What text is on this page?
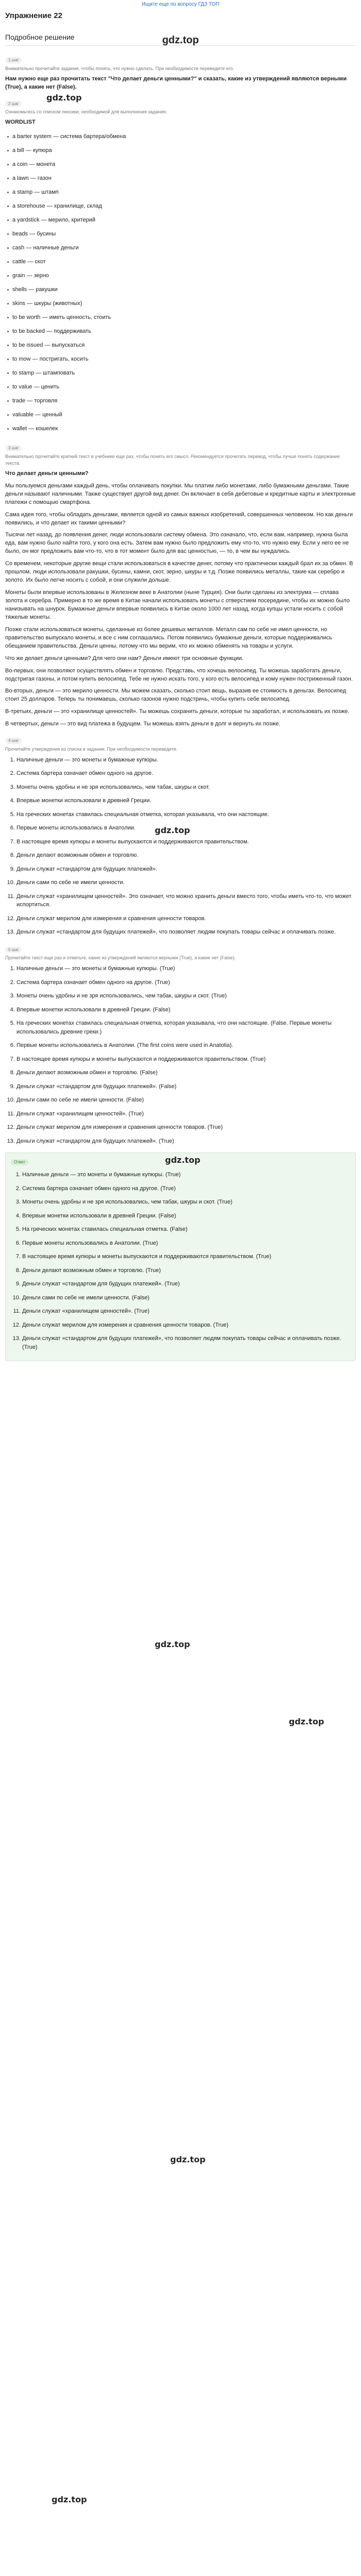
Ищите еще по вопросу ГДЗ ТОП
gdz.top
Упражнение 22
Подробное решение
1 шаг
Внимательно прочитайте задание, чтобы понять, что нужно сделать. При необходимости переведите его.

Нам нужно еще раз прочитать текст "Что делает деньги ценными?" и сказать, какие из утверждений являются верными (True), а какие нет (False).

2 шаг
Ознакомьтесь со списком лексики, необходимой для выполнения задания.
WORDLIST
a barter system — система бартера/обмена
a bill — купюра
a coin — монета
a lawn — газон
a stamp — штамп
a storehouse — хранилище, склад
a yardstick — мерило, критерий
beads — бусины
cash — наличные деньги
cattle — скот
grain — зерно
shells — ракушки
skins — шкуры (животных)
to be worth — иметь ценность, стоить
to be backed — поддерживать
to be issued — выпускаться
to mow — постригать, косить
to stamp — штамповать
to value — ценить
trade — торговля
valuable — ценный
wallet — кошелек
3 шаг
Внимательно прочитайте краткий текст в учебнике еще раз, чтобы понять его смысл. Рекомендуется прочитать перевод, чтобы лучше понять содержание текста.

Что делает деньги ценными?

Мы пользуемся деньгами каждый день, чтобы оплачивать покупки. Мы платим либо монетами, либо бумажными деньгами. Такие деньги называют наличными. Также существует другой вид денег. Он включает в себя дебетовые и кредитные карты и электронные платежи с помощью смартфона.

Сама идея того, чтобы обладать деньгами, является одной из самых важных изобретений, совершенных человеком. Но как деньги появились, и что делает их такими ценными?

Тысячи лет назад, до появления денег, люди использовали систему обмена. Это означало, что, если вам, например, нужна была еда, вам нужно было найти того, у кого она есть. Затем вам нужно было предложить ему что-то, что нужно ему. Если у него ее не было, он мог предложить вам что-то, что в тот момент было для вас ценностью, — то, в чем вы нуждались.

Со временем, некоторые другие вещи стали использоваться в качестве денег, потому что практически каждый брал их за обмен. В прошлом, люди использовали ракушки, бусины, камни, скот, зерно, шкуры и т.д. Позже появились металлы, такие как серебро и золото. Их было легче носить с собой, и они служили дольше.

Монеты были впервые использованы в Железном веке в Анатолии (ныне Турция). Они были сделаны из электрума — сплава золота и серебра. Примерно в то же время в Китае начали использовать монеты с отверстием посередине, чтобы их можно было нанизывать на шнурок. Бумажные деньги впервые появились в Китае около 1000 лет назад, когда купцы устали носить с собой тяжелые монеты.

Позже стали использоваться монеты, сделанные из более дешевых металлов. Металл сам по себе не имел ценности, но правительство выпускало монеты, и все с ним соглашались. Потом появились бумажные деньги, которые поддерживались обещанием правительства. Деньги ценны, потому что мы верим, что их можно обменять на товары и услуги.

Что же делает деньги ценными? Для чего они нам? Деньги имеют три основные функции.

Во-первых, они позволяют осуществлять обмен и торговлю. Представь, что хочешь велосипед. Ты можешь заработать деньги, подстригая газоны, и потом купить велосипед. Тебе не нужно искать того, у кого есть велосипед и кому нужен постриженный газон.

Во-вторых, деньги — это мерило ценности. Мы можем сказать, сколько стоит вещь, выразив ее стоимость в деньгах. Велосипед стоит 25 долларов. Теперь ты понимаешь, сколько газонов нужно подстричь, чтобы купить себе велосипед.

В-третьих, деньги — это «хранилище ценностей». Ты можешь сохранить деньги, которые ты заработал, и использовать их позже.

В четвертых, деньги — это вид платежа в будущем. Ты можешь взять деньги в долг и вернуть их позже.

4 шаг
Прочитайте утверждения из списка в задании. При необходимости переведите.
1. Наличные деньги — это монеты и бумажные купюры.
2. Система бартера означает обмен одного на другое.
3. Монеты очень удобны и не зря использовались, чем табак, шкуры и скот.
4. Впервые монетки использовали в древней Греции.
5. На греческих монетах ставилась специальная отметка, которая указывала, что они настоящие.
6. Первые монеты использовались в Анатолии.
7. В настоящее время купюры и монеты выпускаются и поддерживаются правительством.
8. Деньги делают возможным обмен и торговлю.
9. Деньги служат «стандартом для будущих платежей».
10. Деньги сами по себе не имели ценности.
11. Деньги служат «хранилищем ценностей». Это означает, что можно хранить деньги вместо того, чтобы иметь что-то, что может испортиться.
12. Деньги служат мерилом для измерения и сравнения ценности товаров.
13. Деньги служат «стандартом для будущих платежей», что позволяет людям покупать товары сейчас и оплачивать позже.
5 шаг
Прочитайте текст еще раз и отметьте, какие из утверждений являются верными (True), а какие нет (False).
1. Наличные деньги — это монеты и бумажные купюры. (True)
2. Система бартера означает обмен одного на другое. (True)
3. Монеты очень удобны и не зря использовались, чем табак, шкуры и скот. (True)
4. Впервые монетки использовали в древней Греции. (False)
5. На греческих монетах ставилась специальная отметка, которая указывала, что они настоящие. (False. Первые монеты использовались древние греки.)
6. Первые монеты использовались в Анатолии. (The first coins were used in Anatolia).
7. В настоящее время купюры и монеты выпускаются и поддерживаются правительством. (True)
8. Деньги делают возможным обмен и торговлю. (False)
9. Деньги служат «стандартом для будущих платежей». (False)
10. Деньги сами по себе не имели ценности. (False)
11. Деньги служат «хранилищем ценностей». (True)
12. Деньги служат мерилом для измерения и сравнения ценности товаров. (True)
13. Деньги служат «стандартом для будущих платежей». (True)
Ответ
1. Наличные деньги — это монеты и бумажные купюры. (True)
2. Система бартера означает обмен одного на другое. (True)
3. Монеты очень удобны и не зря использовались, чем табак, шкуры и скот. (True)
4. Впервые монетки использовали в древней Греции. (False)
5. На греческих монетах ставилась специальная отметка. (False)
6. Первые монеты использовались в Анатолии. (True)
7. В настоящее время купюры и монеты выпускаются и поддерживаются правительством. (True)
8. Деньги делают возможным обмен и торговлю. (True)
9. Деньги служат «стандартом для будущих платежей». (True)
10. Деньги сами по себе не имели ценности. (False)
11. Деньги служат «хранилищем ценностей». (True)
12. Деньги служат мерилом для измерения и сравнения ценности товаров. (True)
13. Деньги служат «стандартом для будущих платежей», что позволяет людям покупать товары сейчас и оплачивать позже. (True)
gdz.top
gdz.top
gdz.top
gdz.top
gdz.top
gdz.top
gdz.top
